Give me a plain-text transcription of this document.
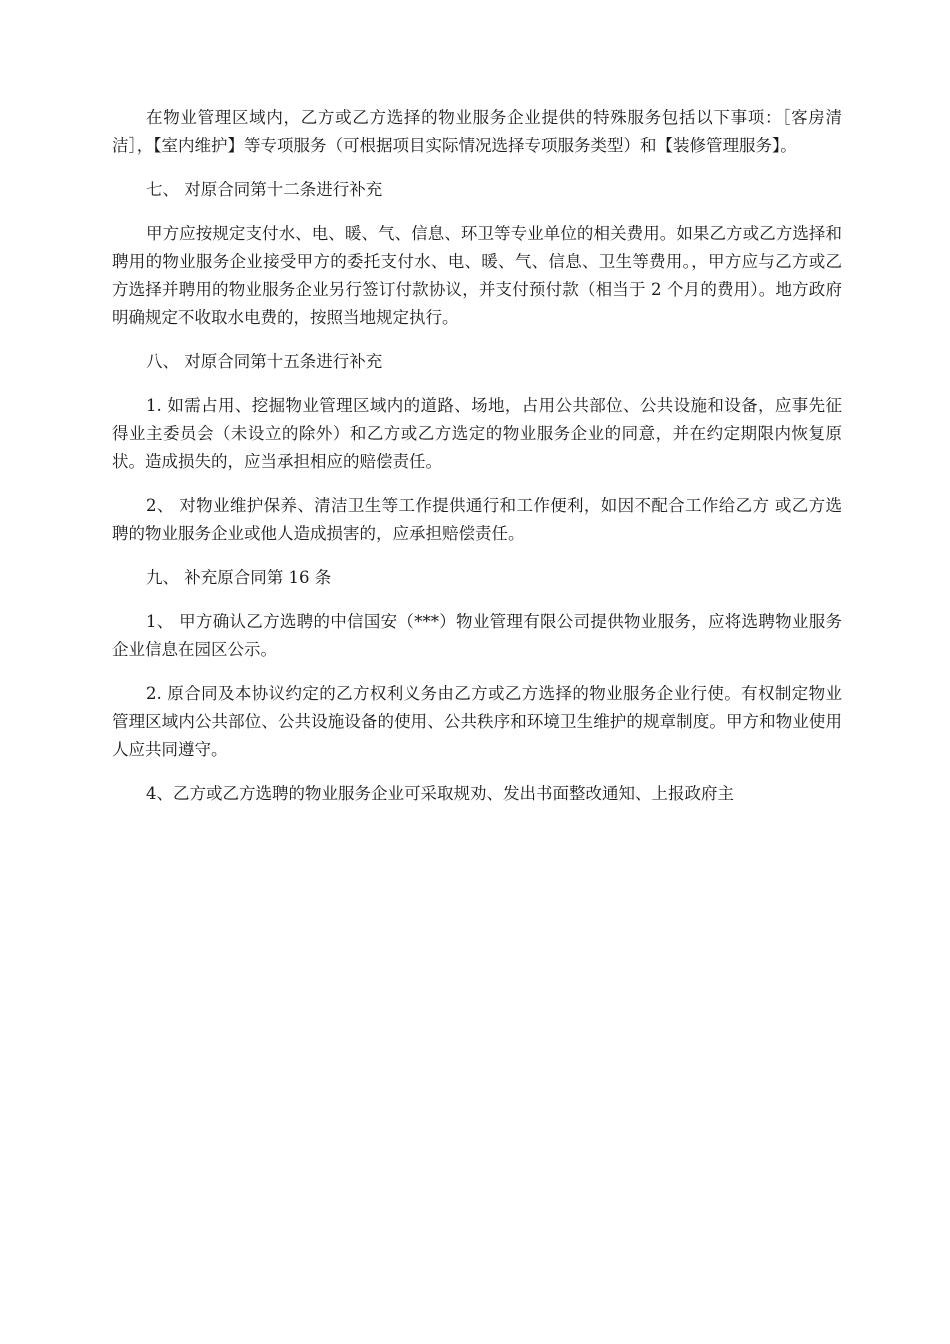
在物业管理区域内，乙方或乙方选择的物业服务企业提供的特殊服务包括以下事项：［客房清洁］，【室内维护】等专项服务（可根据项目实际情况选择专项服务类型）和【装修管理服务】。

七、 对原合同第十二条进行补充

甲方应按规定支付水、电、暖、气、信息、环卫等专业单位的相关费用。如果乙方或乙方选择和聘用的物业服务企业接受甲方的委托支付水、电、暖、气、信息、卫生等费用。，甲方应与乙方或乙方选择并聘用的物业服务企业另行签订付款协议，并支付预付款（相当于 2 个月的费用）。地方政府明确规定不收取水电费的，按照当地规定执行。

八、 对原合同第十五条进行补充

1. 如需占用、挖掘物业管理区域内的道路、场地，占用公共部位、公共设施和设备，应事先征得业主委员会（未设立的除外）和乙方或乙方选定的物业服务企业的同意，并在约定期限内恢复原状。造成损失的，应当承担相应的赔偿责任。

2、 对物业维护保养、清洁卫生等工作提供通行和工作便利，如因不配合工作给乙方 或乙方选聘的物业服务企业或他人造成损害的，应承担赔偿责任。

九、 补充原合同第 16 条

1、 甲方确认乙方选聘的中信国安（***）物业管理有限公司提供物业服务，应将选聘物业服务企业信息在园区公示。

2. 原合同及本协议约定的乙方权利义务由乙方或乙方选择的物业服务企业行使。有权制定物业管理区域内公共部位、公共设施设备的使用、公共秩序和环境卫生维护的规章制度。甲方和物业使用人应共同遵守。

4、乙方或乙方选聘的物业服务企业可采取规劝、发出书面整改通知、上报政府主
